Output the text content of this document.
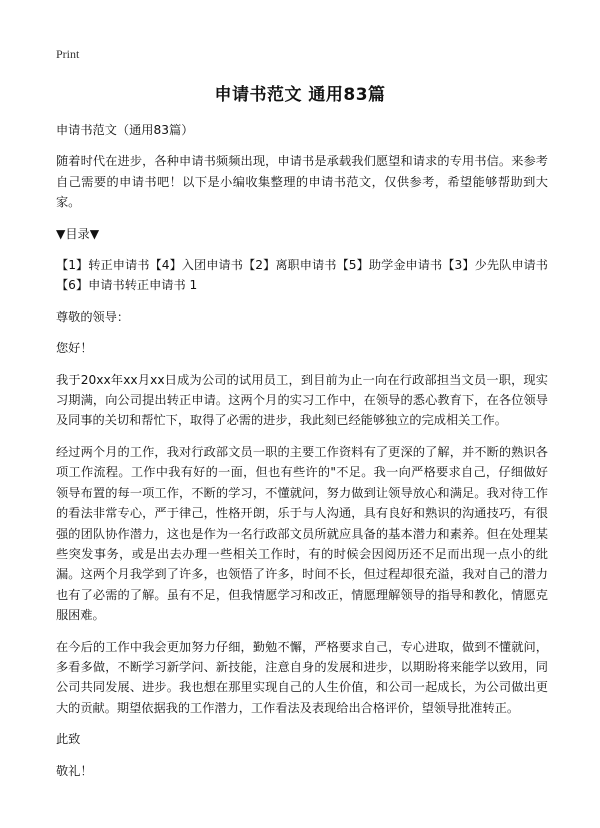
Print
申请书范文 通用83篇

申请书范文（通用83篇）

随着时代在进步，各种申请书频频出现，申请书是承载我们愿望和请求的专用书信。来参考自己需要的申请书吧！以下是小编收集整理的申请书范文，仅供参考，希望能够帮助到大家。

▼目录▼

【1】转正申请书【4】入团申请书【2】离职申请书【5】助学金申请书【3】少先队申请书【6】申请书转正申请书 1

尊敬的领导：

您好！

我于20xx年xx月xx日成为公司的试用员工，到目前为止一向在行政部担当文员一职，现实习期满，向公司提出转正申请。这两个月的实习工作中，在领导的悉心教育下，在各位领导及同事的关切和帮忙下，取得了必需的进步，我此刻已经能够独立的完成相关工作。

经过两个月的工作，我对行政部文员一职的主要工作资料有了更深的了解，并不断的熟识各项工作流程。工作中我有好的一面，但也有些许的"不足。我一向严格要求自己，仔细做好领导布置的每一项工作，不断的学习，不懂就问，努力做到让领导放心和满足。我对待工作的看法非常专心，严于律己，性格开朗，乐于与人沟通，具有良好和熟识的沟通技巧，有很强的团队协作潜力，这也是作为一名行政部文员所就应具备的基本潜力和素养。但在处理某些突发事务，或是出去办理一些相关工作时，有的时候会因阅历还不足而出现一点小的纰漏。这两个月我学到了许多，也领悟了许多，时间不长，但过程却很充溢，我对自己的潜力也有了必需的了解。虽有不足，但我情愿学习和改正，情愿理解领导的指导和教化，情愿克服困难。

在今后的工作中我会更加努力仔细，勤勉不懈，严格要求自己，专心进取，做到不懂就问，多看多做，不断学习新学问、新技能，注意自身的发展和进步，以期盼将来能学以致用，同公司共同发展、进步。我也想在那里实现自己的人生价值，和公司一起成长，为公司做出更大的贡献。期望依据我的工作潜力，工作看法及表现给出合格评价，望领导批准转正。

此致

敬礼！
